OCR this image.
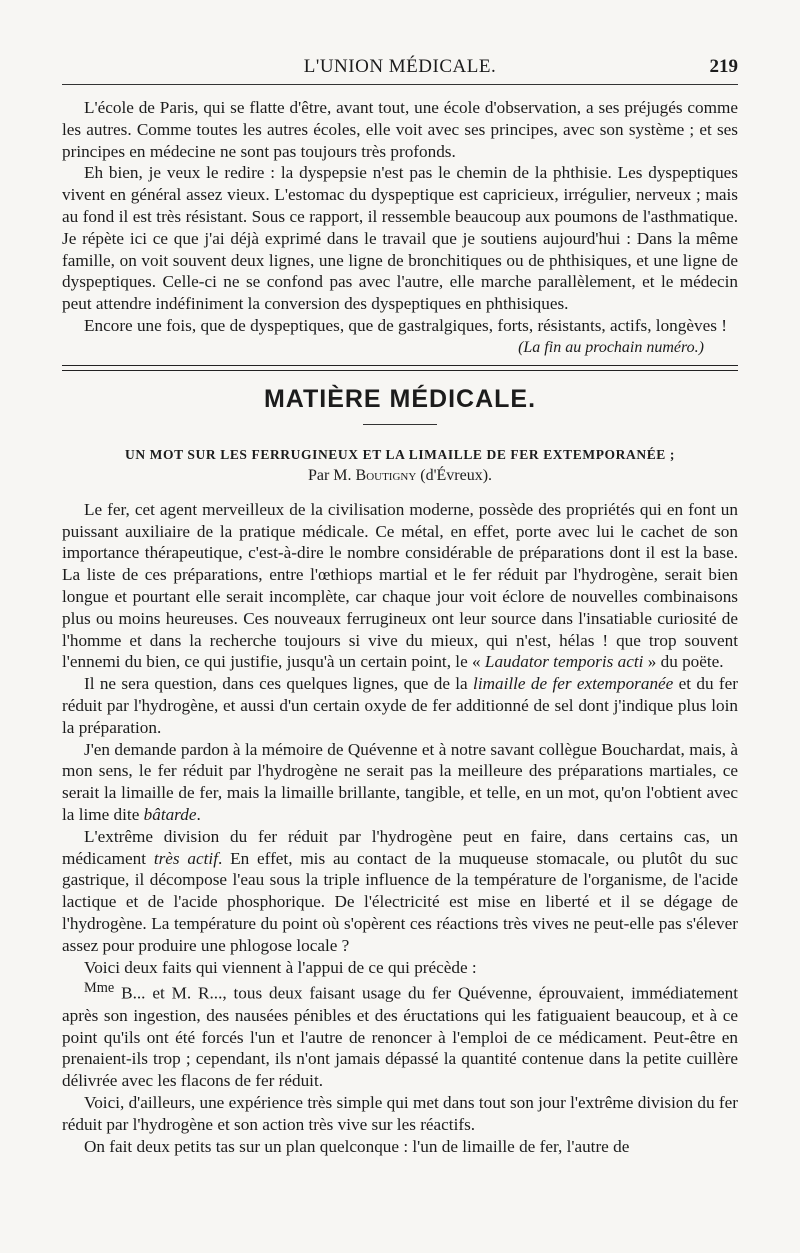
L'UNION MÉDICALE.	219

L'école de Paris, qui se flatte d'être, avant tout, une école d'observation, a ses préjugés comme les autres. Comme toutes les autres écoles, elle voit avec ses principes, avec son système ; et ses principes en médecine ne sont pas toujours très profonds.

Eh bien, je veux le redire : la dyspepsie n'est pas le chemin de la phthisie. Les dyspeptiques vivent en général assez vieux. L'estomac du dyspeptique est capricieux, irrégulier, nerveux ; mais au fond il est très résistant. Sous ce rapport, il ressemble beaucoup aux poumons de l'asthmatique. Je répète ici ce que j'ai déjà exprimé dans le travail que je soutiens aujourd'hui : Dans la même famille, on voit souvent deux lignes, une ligne de bronchitiques ou de phthisiques, et une ligne de dyspeptiques. Celle-ci ne se confond pas avec l'autre, elle marche parallèlement, et le médecin peut attendre indéfiniment la conversion des dyspeptiques en phthisiques.

Encore une fois, que de dyspeptiques, que de gastralgiques, forts, résistants, actifs, longèves !

(La fin au prochain numéro.)
MATIÈRE MÉDICALE.
UN MOT SUR LES FERRUGINEUX ET LA LIMAILLE DE FER EXTEMPORANÉE ;
Par M. Boutigny (d'Évreux).

Le fer, cet agent merveilleux de la civilisation moderne, possède des propriétés qui en font un puissant auxiliaire de la pratique médicale. Ce métal, en effet, porte avec lui le cachet de son importance thérapeutique, c'est-à-dire le nombre considérable de préparations dont il est la base. La liste de ces préparations, entre l'œthiops martial et le fer réduit par l'hydrogène, serait bien longue et pourtant elle serait incomplète, car chaque jour voit éclore de nouvelles combinaisons plus ou moins heureuses. Ces nouveaux ferrugineux ont leur source dans l'insatiable curiosité de l'homme et dans la recherche toujours si vive du mieux, qui n'est, hélas ! que trop souvent l'ennemi du bien, ce qui justifie, jusqu'à un certain point, le « Laudator temporis acti » du poëte.

Il ne sera question, dans ces quelques lignes, que de la limaille de fer extemporanée et du fer réduit par l'hydrogène, et aussi d'un certain oxyde de fer additionné de sel dont j'indique plus loin la préparation.

J'en demande pardon à la mémoire de Quévenne et à notre savant collègue Bouchardat, mais, à mon sens, le fer réduit par l'hydrogène ne serait pas la meilleure des préparations martiales, ce serait la limaille de fer, mais la limaille brillante, tangible, et telle, en un mot, qu'on l'obtient avec la lime dite bâtarde.

L'extrême division du fer réduit par l'hydrogène peut en faire, dans certains cas, un médicament très actif. En effet, mis au contact de la muqueuse stomacale, ou plutôt du suc gastrique, il décompose l'eau sous la triple influence de la température de l'organisme, de l'acide lactique et de l'acide phosphorique. De l'électricité est mise en liberté et il se dégage de l'hydrogène. La température du point où s'opèrent ces réactions très vives ne peut-elle pas s'élever assez pour produire une phlogose locale ?

Voici deux faits qui viennent à l'appui de ce qui précède :

$^{Mme}$ B... et M. R..., tous deux faisant usage du fer Quévenne, éprouvaient, immédiatement après son ingestion, des nausées pénibles et des éructations qui les fatiguaient beaucoup, et à ce point qu'ils ont été forcés l'un et l'autre de renoncer à l'emploi de ce médicament. Peut-être en prenaient-ils trop ; cependant, ils n'ont jamais dépassé la quantité contenue dans la petite cuillère délivrée avec les flacons de fer réduit.

Voici, d'ailleurs, une expérience très simple qui met dans tout son jour l'extrême division du fer réduit par l'hydrogène et son action très vive sur les réactifs.

On fait deux petits tas sur un plan quelconque : l'un de limaille de fer, l'autre de
